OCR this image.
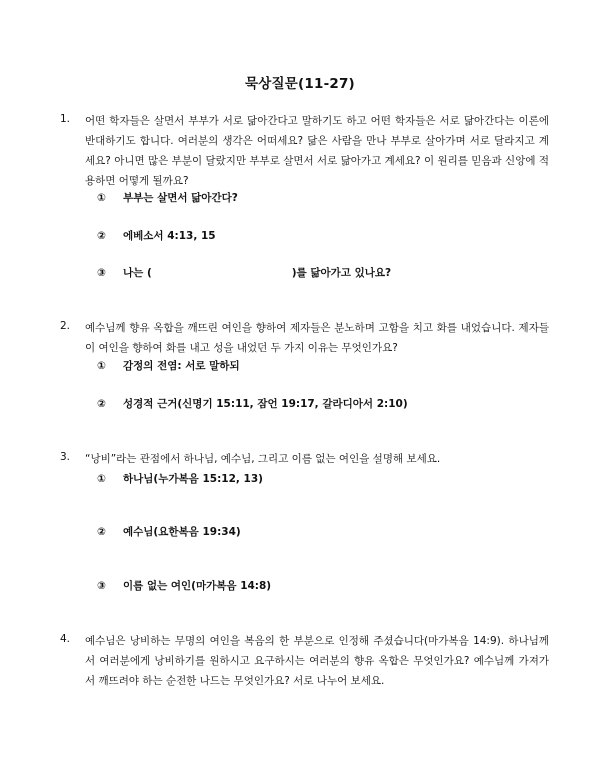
묵상질문(11-27)
1.	어떤 학자들은 살면서 부부가 서로 닮아간다고 말하기도 하고 어떤 학자들은 서로 닮아간다는 이론에 반대하기도 합니다. 여러분의 생각은 어떠세요? 닮은 사람을 만나 부부로 살아가며 서로 달라지고 계세요? 아니면 많은 부분이 달랐지만 부부로 살면서 서로 닮아가고 계세요? 이 원리를 믿음과 신앙에 적용하면 어떻게 될까요?
① 부부는 살면서 닮아간다?
② 에베소서 4:13, 15
③ 나는 (	)를 닮아가고 있나요?
2.	예수님께 향유 옥합을 깨뜨린 여인을 향하여 제자들은 분노하며 고함을 치고 화를 내었습니다. 제자들이 여인을 향하여 화를 내고 성을 내었던 두 가지 이유는 무엇인가요?
① 감정의 전염: 서로 말하되
② 성경적 근거(신명기 15:11, 잠언 19:17, 갈라디아서 2:10)
3.	“낭비”라는 관점에서 하나님, 예수님, 그리고 이름 없는 여인을 설명해 보세요.
① 하나님(누가복음 15:12, 13)
② 예수님(요한복음 19:34)
③ 이름 없는 여인(마가복음 14:8)
4.	예수님은 낭비하는 무명의 여인을 복음의 한 부분으로 인정해 주셨습니다(마가복음 14:9). 하나님께서 여러분에게 낭비하기를 원하시고 요구하시는 여러분의 향유 옥합은 무엇인가요? 예수님께 가져가서 깨뜨려야 하는 순전한 나드는 무엇인가요? 서로 나누어 보세요.
